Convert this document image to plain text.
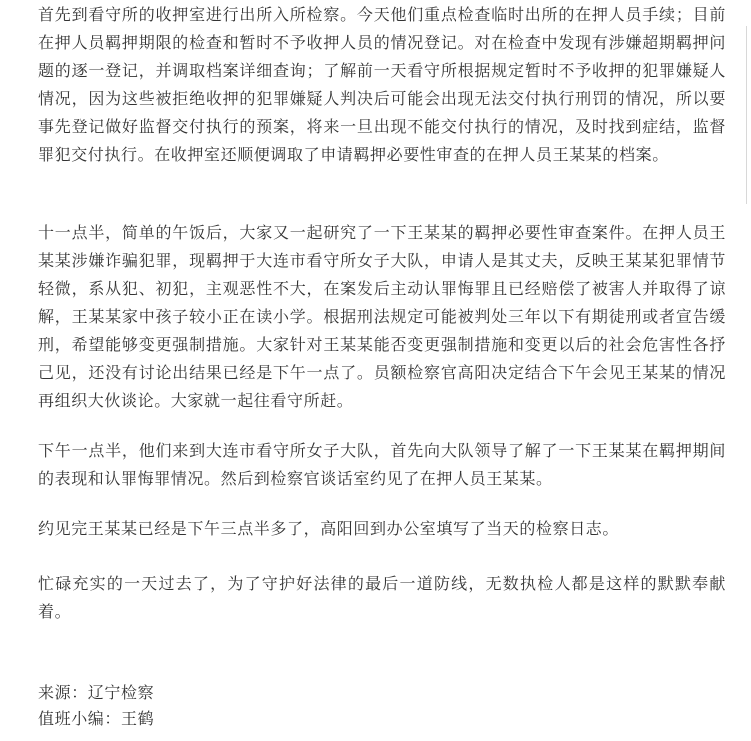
首先到看守所的收押室进行出所入所检察。今天他们重点检查临时出所的在押人员手续；目前在押人员羁押期限的检查和暂时不予收押人员的情况登记。对在检查中发现有涉嫌超期羁押问题的逐一登记，并调取档案详细查询；了解前一天看守所根据规定暂时不予收押的犯罪嫌疑人情况，因为这些被拒绝收押的犯罪嫌疑人判决后可能会出现无法交付执行刑罚的情况，所以要事先登记做好监督交付执行的预案，将来一旦出现不能交付执行的情况，及时找到症结，监督罪犯交付执行。在收押室还顺便调取了申请羁押必要性审查的在押人员王某某的档案。

十一点半，简单的午饭后，大家又一起研究了一下王某某的羁押必要性审查案件。在押人员王某某涉嫌诈骗犯罪，现羁押于大连市看守所女子大队，申请人是其丈夫，反映王某某犯罪情节轻微，系从犯、初犯，主观恶性不大，在案发后主动认罪悔罪且已经赔偿了被害人并取得了谅解，王某某家中孩子较小正在读小学。根据刑法规定可能被判处三年以下有期徒刑或者宣告缓刑，希望能够变更强制措施。大家针对王某某能否变更强制措施和变更以后的社会危害性各抒己见，还没有讨论出结果已经是下午一点了。员额检察官高阳决定结合下午会见王某某的情况再组织大伙谈论。大家就一起往看守所赶。

下午一点半，他们来到大连市看守所女子大队，首先向大队领导了解了一下王某某在羁押期间的表现和认罪悔罪情况。然后到检察官谈话室约见了在押人员王某某。

约见完王某某已经是下午三点半多了，高阳回到办公室填写了当天的检察日志。

忙碌充实的一天过去了，为了守护好法律的最后一道防线，无数执检人都是这样的默默奉献着。

来源：辽宁检察

值班小编：王鹤
